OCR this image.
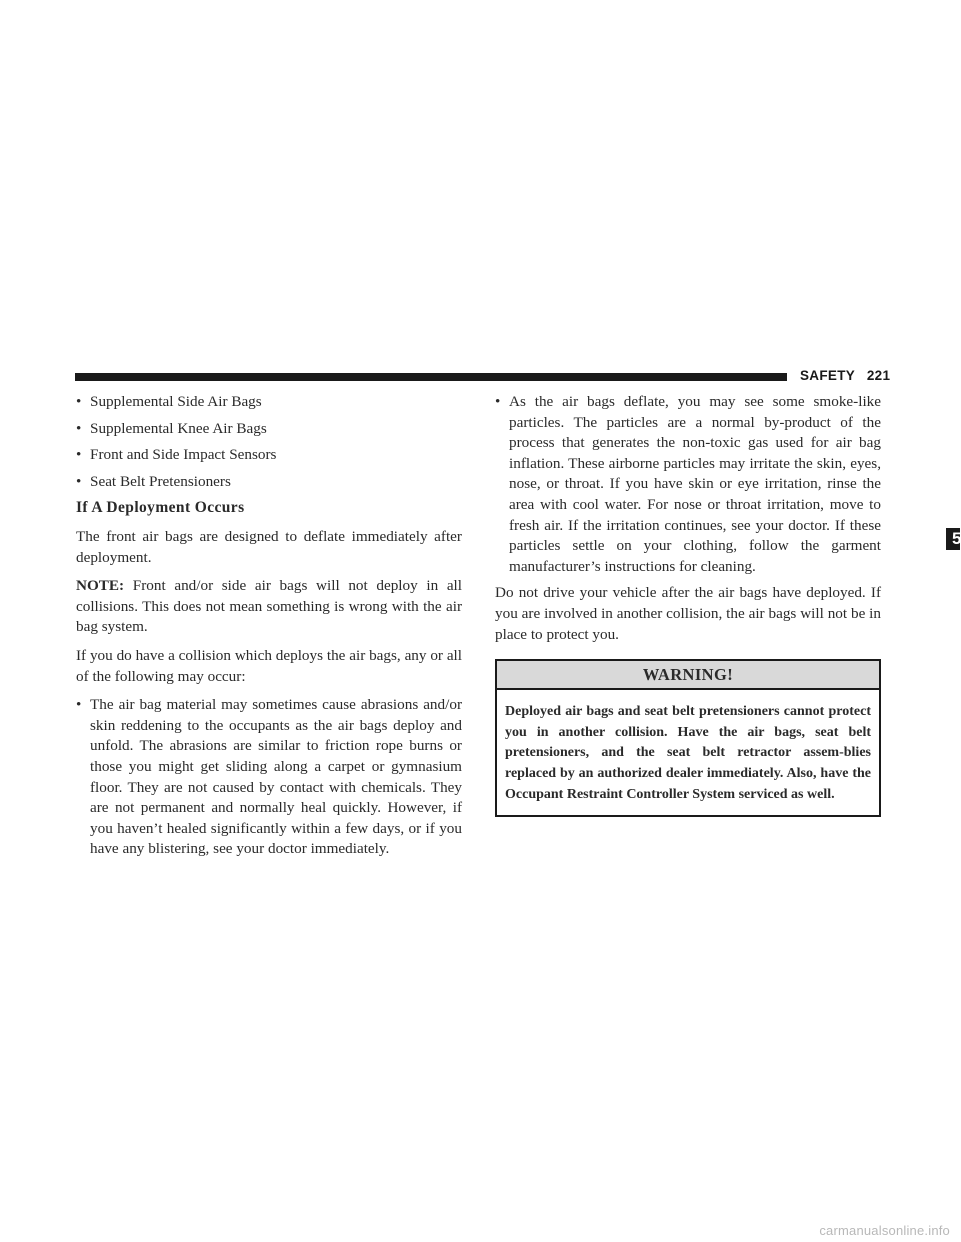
SAFETY 221
5
• Supplemental Side Air Bags
• Supplemental Knee Air Bags
• Front and Side Impact Sensors
• Seat Belt Pretensioners
If A Deployment Occurs

The front air bags are designed to deflate immediately after deployment.

NOTE: Front and/or side air bags will not deploy in all collisions. This does not mean something is wrong with the air bag system.

If you do have a collision which deploys the air bags, any or all of the following may occur:

• The air bag material may sometimes cause abrasions and/or skin reddening to the occupants as the air bags deploy and unfold. The abrasions are similar to friction rope burns or those you might get sliding along a carpet or gymnasium floor. They are not caused by contact with chemicals. They are not permanent and normally heal quickly. However, if you haven’t healed significantly within a few days, or if you have any blistering, see your doctor immediately.
• As the air bags deflate, you may see some smoke-like particles. The particles are a normal by-product of the process that generates the non-toxic gas used for air bag inflation. These airborne particles may irritate the skin, eyes, nose, or throat. If you have skin or eye irritation, rinse the area with cool water. For nose or throat irritation, move to fresh air. If the irritation continues, see your doctor. If these particles settle on your clothing, follow the garment manufacturer’s instructions for cleaning.

Do not drive your vehicle after the air bags have deployed. If you are involved in another collision, the air bags will not be in place to protect you.

WARNING!
Deployed air bags and seat belt pretensioners cannot protect you in another collision. Have the air bags, seat belt pretensioners, and the seat belt retractor assem-blies replaced by an authorized dealer immediately. Also, have the Occupant Restraint Controller System serviced as well.
carmanualsonline.info
